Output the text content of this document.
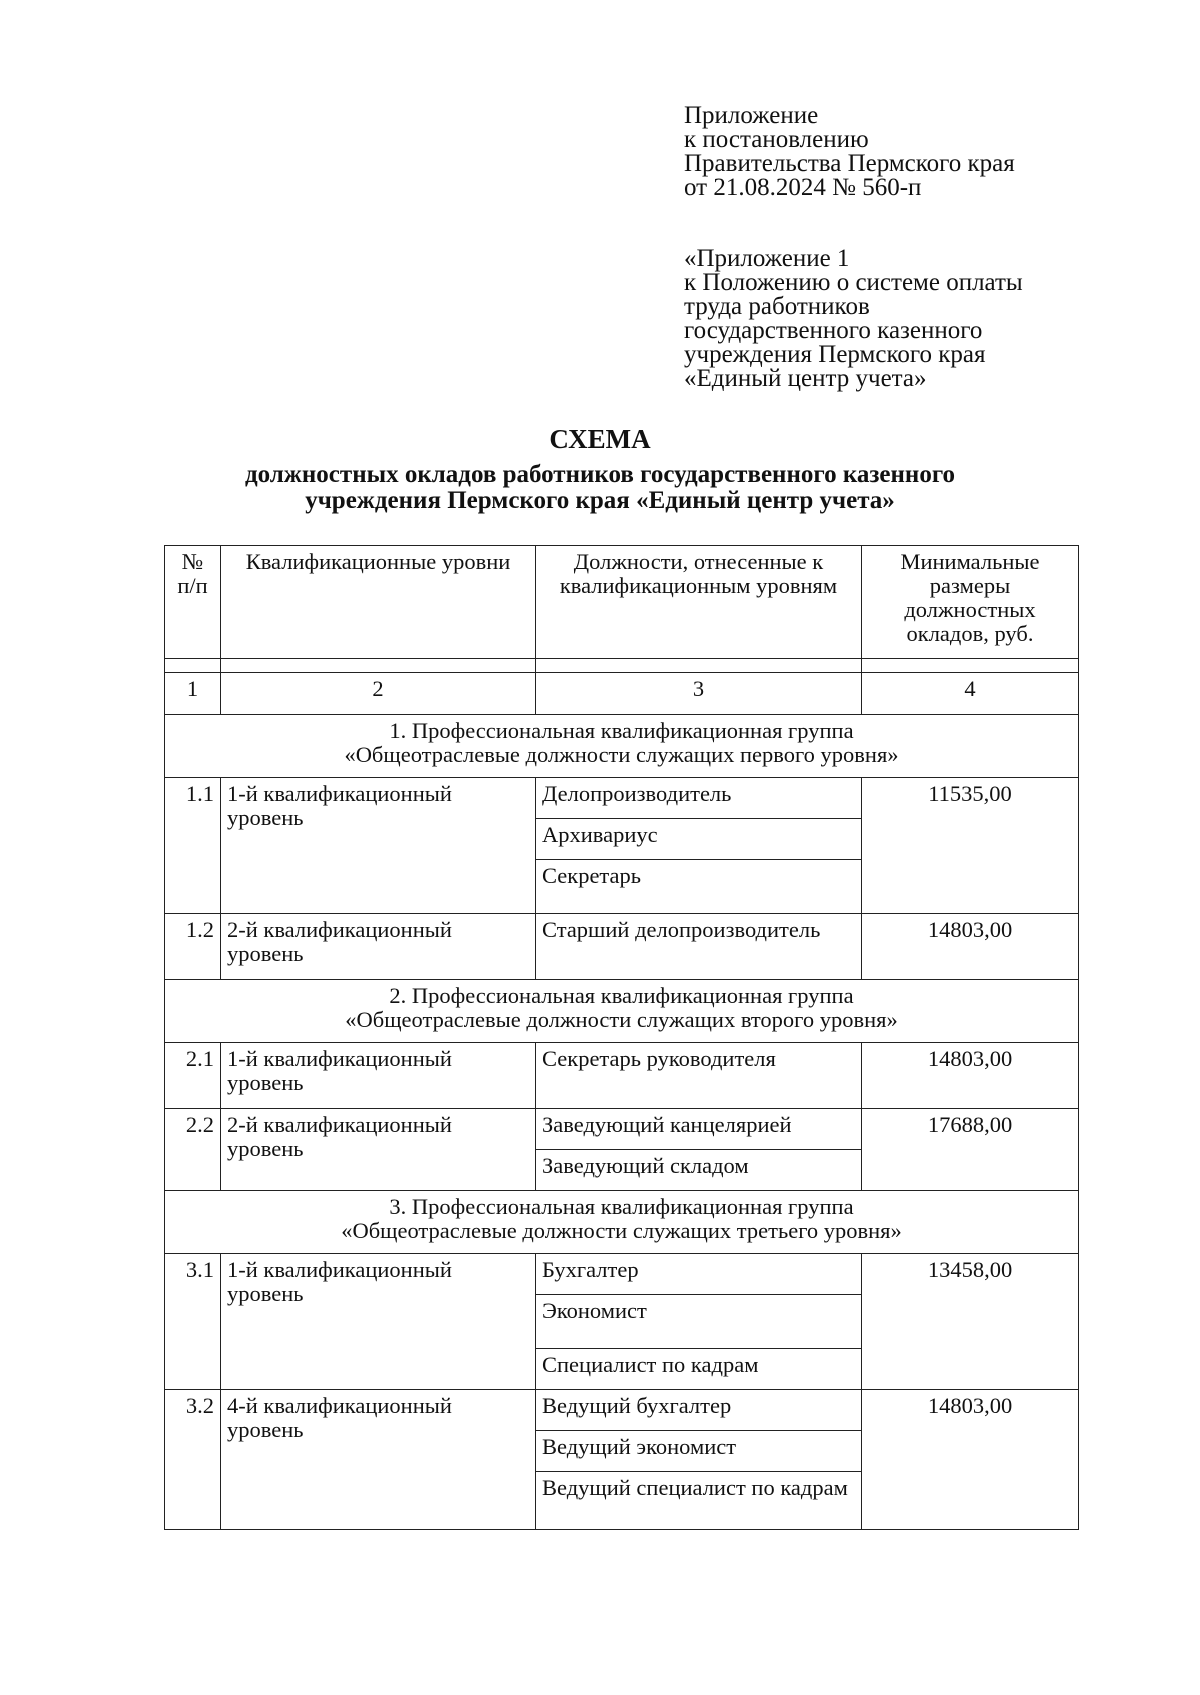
Приложение
к постановлению
Правительства Пермского края
от 21.08.2024 № 560-п
«Приложение 1
к Положению о системе оплаты
труда работников
государственного казенного
учреждения Пермского края
«Единый центр учета»
СХЕМА
должностных окладов работников государственного казенного
учреждения Пермского края «Единый центр учета»
№ п/п	Квалификационные уровни	Должности, отнесенные к квалификационным уровням	Минимальные размеры должностных окладов, руб.

1	2	3	4

1. Профессиональная квалификационная группа
«Общеотраслевые должности служащих первого уровня»			

1.1	1-й квалификационный уровень	Делопроизводитель	11535,00
		Архивариус	
		Секретарь	
1.2	2-й квалификационный уровень	Старший делопроизводитель	14803,00

2. Профессиональная квалификационная группа
«Общеотраслевые должности служащих второго уровня»			

2.1	1-й квалификационный уровень	Секретарь руководителя	14803,00
2.2	2-й квалификационный уровень	Заведующий канцелярией	17688,00
		Заведующий складом	

3. Профессиональная квалификационная группа
«Общеотраслевые должности служащих третьего уровня»			

3.1	1-й квалификационный уровень	Бухгалтер	13458,00
		Экономист	
		Специалист по кадрам	
3.2	4-й квалификационный уровень	Ведущий бухгалтер	14803,00
		Ведущий экономист	
		Ведущий специалист по кадрам	
